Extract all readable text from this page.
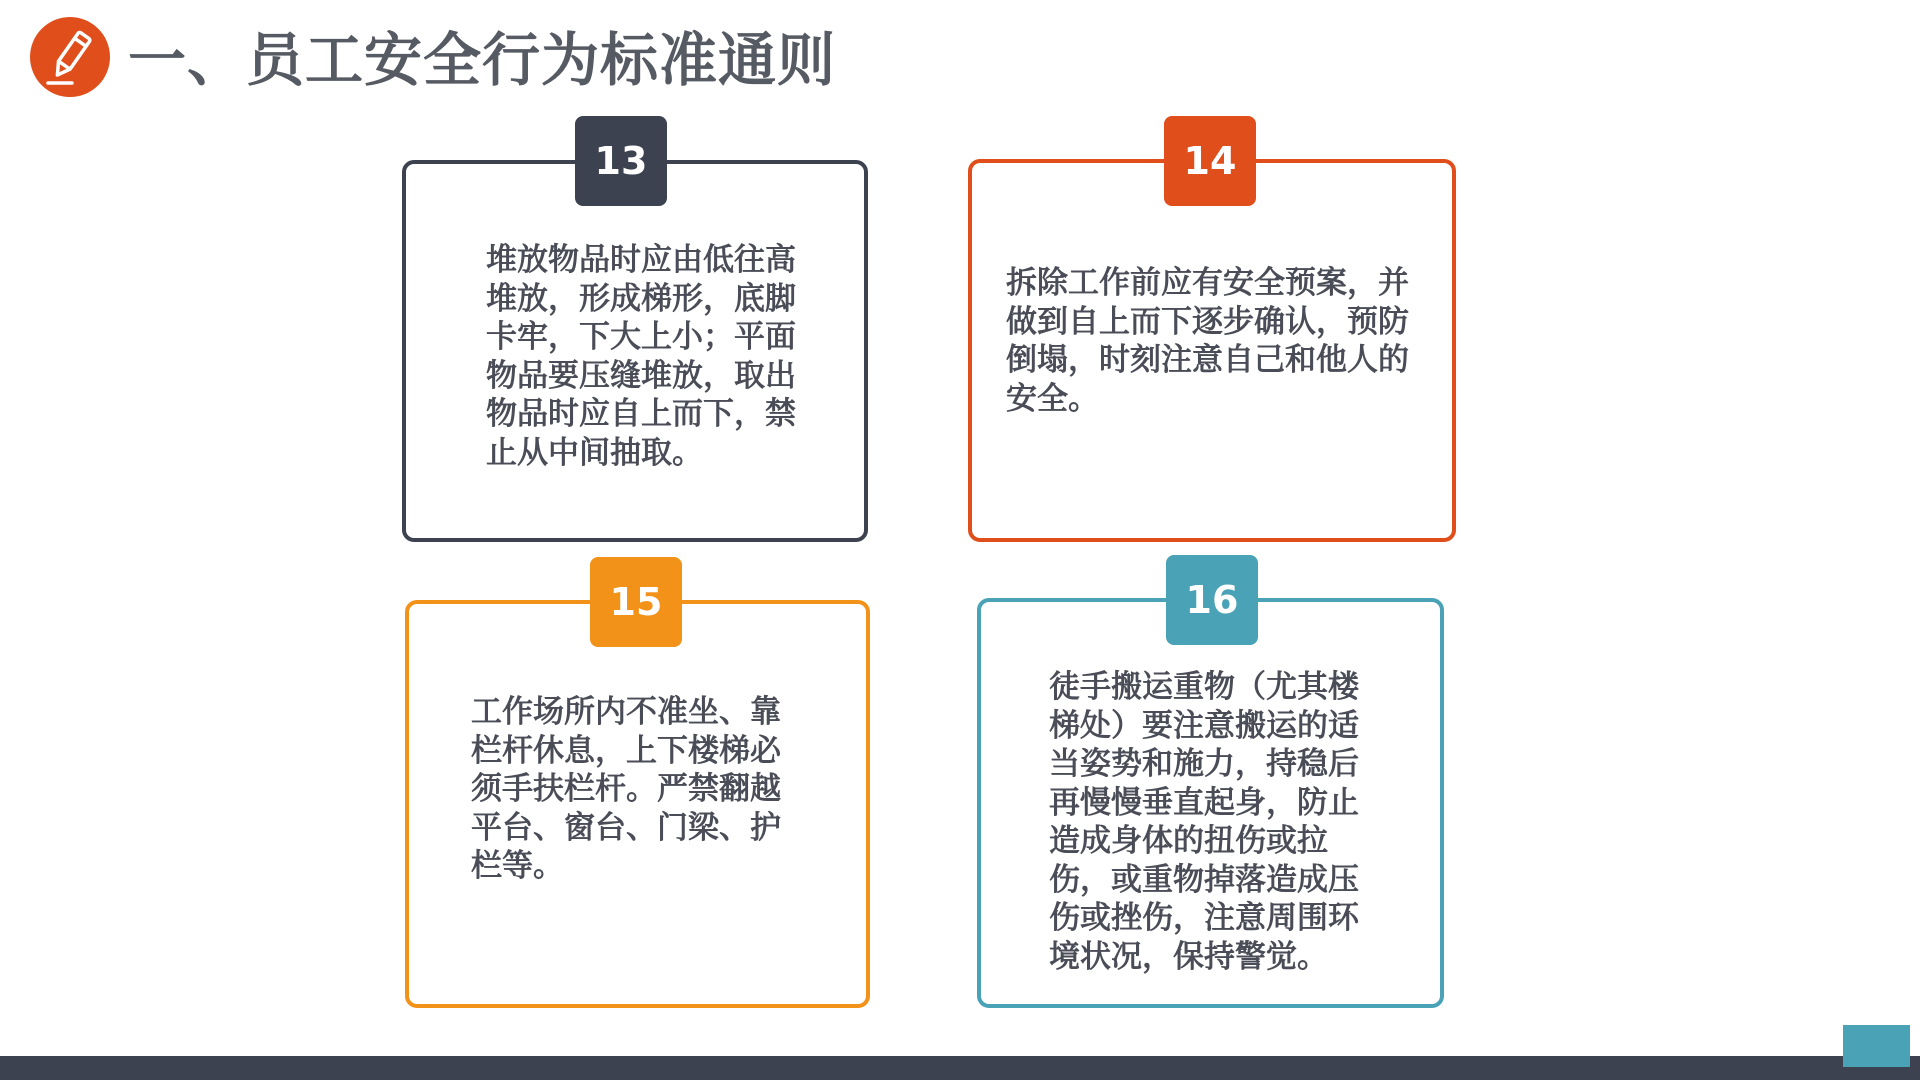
一、员工安全行为标准通则
13

堆放物品时应由低往高堆放，形成梯形，底脚卡牢，下大上小；平面物品要压缝堆放，取出物品时应自上而下，禁止从中间抽取。

14

拆除工作前应有安全预案，并做到自上而下逐步确认，预防倒塌，时刻注意自己和他人的安全。

15

工作场所内不准坐、靠栏杆休息，上下楼梯必须手扶栏杆。严禁翻越平台、窗台、门梁、护栏等。

16

徒手搬运重物（尤其楼梯处）要注意搬运的适当姿势和施力，持稳后再慢慢垂直起身，防止造成身体的扭伤或拉伤，或重物掉落造成压伤或挫伤，注意周围环境状况，保持警觉。
